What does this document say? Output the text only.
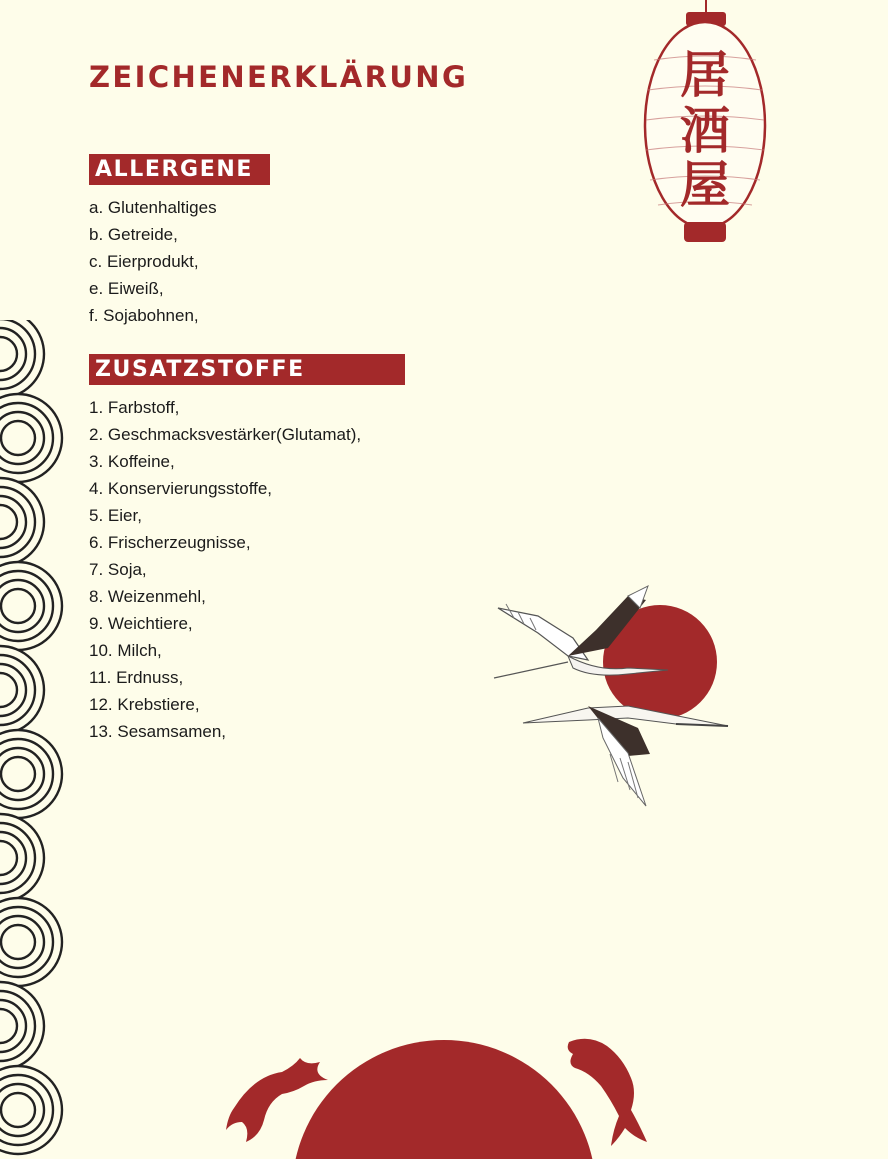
ZEICHENERKLÄRUNG	居
酒
屋
ALLERGENE
a. Glutenhaltiges
b. Getreide,
c. Eierprodukt,
e. Eiweiß,
f. Sojabohnen,
ZUSATZSTOFFE
1. Farbstoff,
2. Geschmacksvestärker(Glutamat),
3. Koffeine,
4. Konservierungsstoffe,
5. Eier,
6. Frischerzeugnisse,
7. Soja,
8. Weizenmehl,
9. Weichtiere,
10. Milch,
11. Erdnuss,
12. Krebstiere,
13. Sesamsamen,
